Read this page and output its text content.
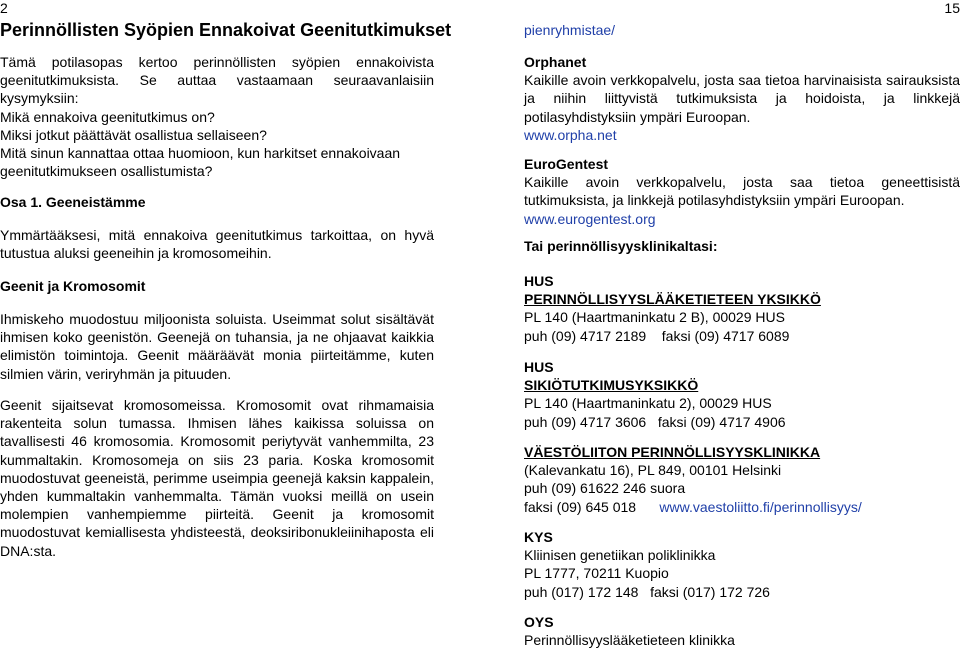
2	15
Perinnöllisten Syöpien Ennakoivat Geenitutkimukset

Tämä potilasopas kertoo perinnöllisten syöpien ennakoivista geenitutkimuksista. Se auttaa vastaamaan seuraavanlaisiin kysymyksiin:

Mikä ennakoiva geenitutkimus on?

Miksi jotkut päättävät osallistua sellaiseen?

Mitä sinun kannattaa ottaa huomioon, kun harkitset ennakoivaan geenitutkimukseen osallistumista?

Osa 1. Geeneistämme

Ymmärtääksesi, mitä ennakoiva geenitutkimus tarkoittaa, on hyvä tutustua aluksi geeneihin ja kromosomeihin.

Geenit ja Kromosomit

Ihmiskeho muodostuu miljoonista soluista. Useimmat solut sisältävät ihmisen koko geenistön. Geenejä on tuhansia, ja ne ohjaavat kaikkia elimistön toimintoja. Geenit määräävät monia piirteitämme, kuten silmien värin, veriryhmän ja pituuden.

Geenit sijaitsevat kromosomeissa. Kromosomit ovat rihmamaisia rakenteita solun tumassa. Ihmisen lähes kaikissa soluissa on tavallisesti 46 kromosomia. Kromosomit periytyvät vanhemmilta, 23 kummaltakin. Kromosomeja on siis 23 paria. Koska kromosomit muodostuvat geeneistä, perimme useimpia geenejä kaksin kappalein, yhden kummaltakin vanhemmalta. Tämän vuoksi meillä on usein molempien vanhempiemme piirteitä. Geenit ja kromosomit muodostuvat kemiallisesta yhdisteestä, deoksiribonukleiinihaposta eli DNA:sta.

pienryhmistae/

Orphanet

Kaikille avoin verkkopalvelu, josta saa tietoa harvinaisista sairauksista ja niihin liittyvistä tutkimuksista ja hoidoista, ja linkkejä potilasyhdistyksiin ympäri Euroopan.

www.orpha.net

EuroGentest

Kaikille avoin verkkopalvelu, josta saa tietoa geneettisistä tutkimuksista, ja linkkejä potilasyhdistyksiin ympäri Euroopan.

www.eurogentest.org

Tai perinnöllisyysklinikaltasi:

HUS

PERINNÖLLISYYSLÄÄKETIETEEN YKSIKKÖ

PL 140 (Haartmaninkatu 2 B), 00029 HUS

puh (09) 4717 2189    faksi (09) 4717 6089

HUS

SIKIÖTUTKIMUSYKSIKKÖ

PL 140 (Haartmaninkatu 2), 00029 HUS

puh (09) 4717 3606   faksi (09) 4717 4906

VÄESTÖLIITON PERINNÖLLISYYSKLINIKKA

(Kalevankatu 16), PL 849, 00101 Helsinki

puh (09) 61622 246 suora

faksi (09) 645 018 www.vaestoliitto.fi/perinnollisyys/

KYS

Kliinisen genetiikan poliklinikka

PL 1777, 70211 Kuopio

puh (017) 172 148   faksi (017) 172 726

OYS

Perinnöllisyyslääketieteen klinikka
